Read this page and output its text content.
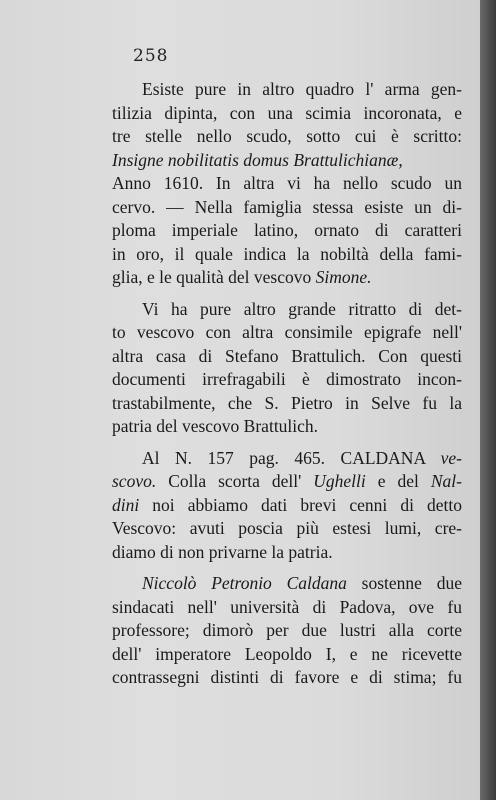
258
Esiste pure in altro quadro l' arma gen-
tilizia dipinta, con una scimia incoronata, e
tre stelle nello scudo, sotto cui è scritto:
Insigne nobilitatis domus Brattulichianæ,
Anno 1610. In altra vi ha nello scudo un
cervo. — Nella famiglia stessa esiste un di-
ploma imperiale latino, ornato di caratteri
in oro, il quale indica la nobiltà della fami-
glia, e le qualità del vescovo Simone.
Vi ha pure altro grande ritratto di det-
to vescovo con altra consimile epigrafe nell'
altra casa di Stefano Brattulich. Con questi
documenti irrefragabili è dimostrato incon-
trastabilmente, che S. Pietro in Selve fu la
patria del vescovo Brattulich.
Al N. 157 pag. 465. CALDANA ve-
scovo. Colla scorta dell' Ughelli e del Nal-
dini noi abbiamo dati brevi cenni di detto
Vescovo: avuti poscia più estesi lumi, cre-
diamo di non privarne la patria.
Niccolò Petronio Caldana sostenne due
sindacati nell' università di Padova, ove fu
professore; dimorò per due lustri alla corte
dell' imperatore Leopoldo I, e ne ricevette
contrassegni distinti di favore e di stima; fu
